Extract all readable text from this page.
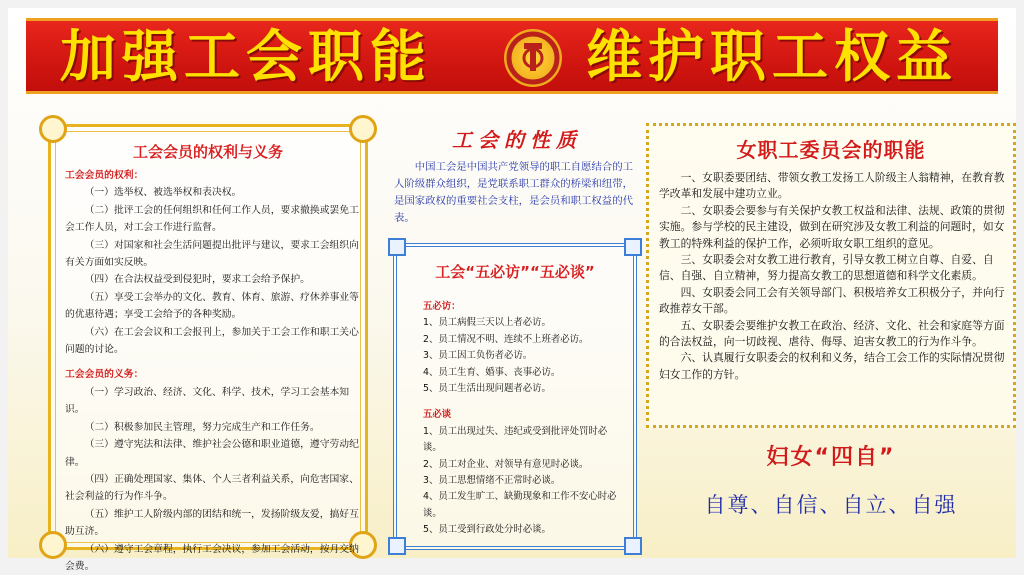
加强工会职能	维护职工权益
工会会员的权利与义务

工会会员的权利：

（一）选举权、被选举权和表决权。

（二）批评工会的任何组织和任何工作人员，要求撤换或罢免工会工作人员，对工会工作进行监督。

（三）对国家和社会生活问题提出批评与建议，要求工会组织向有关方面如实反映。

（四）在合法权益受到侵犯时，要求工会给予保护。

（五）享受工会举办的文化、教育、体育、旅游、疗休养事业等的优惠待遇；享受工会给予的各种奖励。

（六）在工会会议和工会报刊上，参加关于工会工作和职工关心问题的讨论。

工会会员的义务：

（一）学习政治、经济、文化、科学、技术，学习工会基本知识。

（二）积极参加民主管理，努力完成生产和工作任务。

（三）遵守宪法和法律、维护社会公德和职业道德，遵守劳动纪律。

（四）正确处理国家、集体、个人三者利益关系，向危害国家、社会利益的行为作斗争。

（五）维护工人阶级内部的团结和统一，发扬阶级友爱，搞好互助互济。

（六）遵守工会章程，执行工会决议，参加工会活动，按月交纳会费。

工会的性质
中国工会是中国共产党领导的职工自愿结合的工人阶级群众组织，是党联系职工群众的桥梁和纽带，是国家政权的重要社会支柱，是会员和职工权益的代表。
工会“五必访”“五必谈”

五必访：

1、员工病假三天以上者必访。

2、员工情况不明、连续不上班者必访。

3、员工因工负伤者必访。

4、员工生育、婚事、丧事必访。

5、员工生活出现问题者必访。

五必谈

1、员工出现过失、违纪或受到批评处罚时必谈。

2、员工对企业、对领导有意见时必谈。

3、员工思想情绪不正常时必谈。

4、员工发生旷工、缺勤现象和工作不安心时必谈。

5、员工受到行政处分时必谈。

女职工委员会的职能

一、女职委要团结、带领女教工发扬工人阶级主人翁精神，在教育教学改革和发展中建功立业。

二、女职委会要参与有关保护女教工权益和法律、法规、政策的贯彻实施。参与学校的民主建设，做到在研究涉及女教工利益的问题时，如女教工的特殊利益的保护工作，必须听取女职工组织的意见。

三、女职委会对女教工进行教育，引导女教工树立自尊、自爱、自信、自强、自立精神，努力提高女教工的思想道德和科学文化素质。

四、女职委会同工会有关领导部门、积极培养女工积极分子，并向行政推荐女干部。

五、女职委会要维护女教工在政治、经济、文化、社会和家庭等方面的合法权益，向一切歧视、虐待、侮辱、迫害女教工的行为作斗争。

六、认真履行女职委会的权利和义务，结合工会工作的实际情况贯彻妇女工作的方针。

妇女“四自”
自尊、自信、自立、自强
